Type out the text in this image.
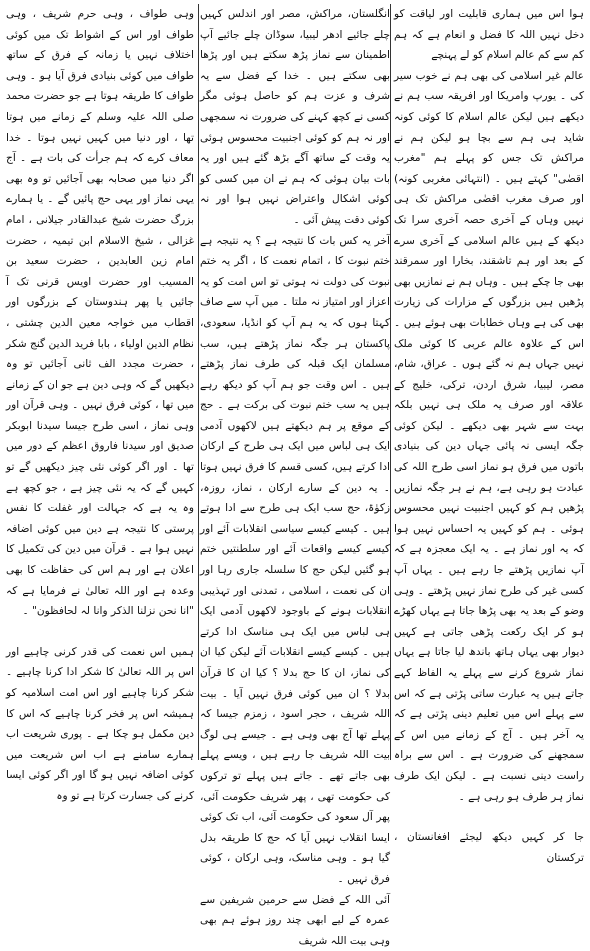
ہوا اس میں ہماری قابلیت اور لیاقت کو دخل نہیں اللہ کا فضل و انعام ہے کہ ہم کم سے کم عالم اسلام کو لے پہنچے

عالم غیر اسلامی کی بھی ہم نے خوب سیر کی ۔ یورپ وامریکا اور افریقہ سب ہم نے دیکھے ہیں لیکن عالم اسلام کا کوئی کونہ شاید ہی ہم سے بچا ہو لیکن ہم نے مراکش تک جس کو پہلے ہم "مغرب اقصٰی" کہتے ہیں ۔ (انتہائی مغربی کونہ) اور صرف مغرب اقصٰی مراکش تک ہی نہیں وہاں کے آخری حصہ آخری سرا تک دیکھ کے ہیں عالم اسلامی کے آخری سرے کے بعد اور ہم تاشقند، بخارا اور سمرقند بھی جا چکے ہیں ۔ وہاں ہم نے نمازیں بھی پڑھیں ہیں بزرگوں کے مزارات کی زیارت بھی کی ہے وہاں خطابات بھی ہوئے ہیں ۔ اس کے علاوہ عالم عربی کا کوئی ملک نہیں جہاں ہم نہ گئے ہوں ۔ عراق، شام، مصر، لیبیا، شرق اردن، ترکی، خلیج کے علاقہ اور صرف یہ ملک ہی نہیں بلکہ بہت سے شہر بھی دیکھے ۔ لیکن کوئی جگہ ایسی نہ پائی جہاں دین کی بنیادی باتوں میں فرق ہو نماز اسی طرح اللہ کی عبادت ہو رہی ہے، ہم نے ہر جگہ نمازیں پڑھیں ہم کو کہیں اجنبیت نہیں محسوس ہوئی ۔ ہم کو کہیں یہ احساس نہیں ہوا کہ یہ اور نماز ہے ۔ یہ ایک معجزہ ہے کہ آپ نمازیں پڑھتے جا رہے ہیں ۔ یہاں آپ کسی غیر کی طرح نماز نہیں پڑھتے ۔ وہی وضو کے بعد یہ بھی پڑھا جاتا ہے یہاں کھڑے ہو کر ایک رکعت پڑھی جاتی ہے کہیں دیوار بھی یہاں ہاتھ باندھ لیا جاتا ہے یہاں نماز شروع کرنے سے پہلے یہ الفاظ کہے جاتے ہیں یہ عبارت ساتی پڑتی ہے کہ اس سے پہلے اس میں تعلیم دینی پڑتی ہے کہ یہ آخر ہیں ۔ آج کے زمانے میں اس کے سمجھنے کی ضرورت ہے ۔ اس سے براہ راست دینی نسبت ہے ۔ لیکن ایک طرف نماز ہر طرف ہو رہی ہے ۔

جا کر کہیں دیکھ لیجئے افغانستان ، ترکستان

انگلستان، مراکش، مصر اور اندلس کہیں چلے جائیے ادھر لیبیا، سوڈان چلے جائیے آپ اطمینان سے نماز پڑھ سکتے ہیں اور پڑھا بھی سکتے ہیں ۔ خدا کے فضل سے یہ شرف و عزت ہم کو حاصل ہوئی مگر کسی نے کچھ کہنے کی ضرورت نہ سمجھی اور نہ ہم کو کوئی اجنبیت محسوس ہوئی یہ وقت کے ساتھ آگے بڑھ گئے ہیں اور یہ بات بیان ہوئی کہ ہم نے ان میں کسی کو کوئی اشکال واعتراض نہیں ہوا اور نہ کوئی دقت پیش آئی ۔

آخر یہ کس بات کا نتیجہ ہے ؟ یہ نتیجہ ہے ختم نبوت کا ، اتمام نعمت کا ، اگر یہ ختم نبوت کی دولت نہ ہوتی تو اس امت کو یہ اعزاز اور امتیاز نہ ملتا ۔ میں آپ سے صاف کہتا ہوں کہ یہ ہم آپ کو انڈیا، سعودی، پاکستان ہر جگہ نماز پڑھتے ہیں، سب مسلمان ایک قبلہ کی طرف نماز پڑھتے ہیں ۔ اس وقت جو ہم آپ کو دیکھ رہے ہیں یہ سب ختم نبوت کی برکت ہے ۔ حج کے موقع پر ہم دیکھتے ہیں لاکھوں آدمی ایک ہی لباس میں ایک ہی طرح کے ارکان ادا کرتے ہیں، کسی قسم کا فرق نہیں ہوتا ۔ یہ دین کے سارے ارکان ، نماز، روزہ، زکوٰۃ، حج سب ایک ہی طرح سے ادا ہوتے ہیں ۔ کیسے کیسے سیاسی انقلابات آئے اور کیسے کیسے واقعات آئے اور سلطنتیں ختم ہو گئیں لیکن حج کا سلسلہ جاری رہا اور ان کی نعمت ، اسلامی ، تمدنی اور تہذیبی انقلابات ہونے کے باوجود لاکھوں آدمی ایک ہی لباس میں ایک ہی مناسک ادا کرتے ہیں ۔ کیسے کیسے انقلابات آئے لیکن کیا ان کی نماز، ان کا حج بدلا ؟ کیا ان کا قرآن بدلا ؟ ان میں کوئی فرق نہیں آیا ۔ بیت اللہ شریف ، حجر اسود ، زمزم جیسا کہ پہلے تھا آج بھی وہی ہے ۔ جیسے ہی لوگ بیت اللہ شریف جا رہے ہیں ، ویسے پہلے بھی جاتے تھے ۔ جاتے ہیں پہلے تو ترکوں کی حکومت تھی ، پھر شریف حکومت آئی، پھر آل سعود کی حکومت آئی، اب تک کوئی ایسا انقلاب نہیں آیا کہ حج کا طریقہ بدل گیا ہو ۔ وہی مناسک، وہی ارکان ، کوئی فرق نہیں ۔

آئی اللہ کے فضل سے حرمین شریفین سے عمرہ کے لیے ابھی چند روز ہوئے ہم بھی وہی بیت اللہ شریف

وہی طواف ، وہی حرم شریف ، وہی طواف اور اس کے اشواط تک میں کوئی اختلاف نہیں یا زمانہ کے فرق کے ساتھ طواف میں کوئی بنیادی فرق آیا ہو ۔ وہی طواف کا طریقہ ہوتا ہے جو حضرت محمد صلی اللہ علیہ وسلم کے زمانے میں ہوتا تھا ، اور دنیا میں کہیں نہیں ہوتا ۔ خدا معاف کرے کہ ہم جرأت کی بات ہے ۔ آج اگر دنیا میں صحابہ بھی آجائیں تو وہ بھی یہی نماز اور یہی حج پائیں گے ۔ یا ہمارے بزرگ حضرت شیخ عبدالقادر جیلانی ، امام غزالی ، شیخ الاسلام ابن تیمیہ ، حضرت امام زین العابدین ، حضرت سعید بن المسیب اور حضرت اویس قرنی تک آ جائیں یا پھر ہندوستان کے بزرگوں اور اقطاب میں خواجہ معین الدین چشتی ، نظام الدین اولیاء ، بابا فرید الدین گنج شکر ، حضرت مجدد الف ثانی آجائیں تو وہ دیکھیں گے کہ وہی دین ہے جو ان کے زمانے میں تھا ، کوئی فرق نہیں ۔ وہی قرآن اور وہی نماز ، اسی طرح جیسا سیدنا ابوبکر صدیق اور سیدنا فاروق اعظم کے دور میں تھا ۔ اور اگر کوئی نئی چیز دیکھیں گے تو کہیں گے کہ یہ نئی چیز ہے ، جو کچھ ہے وہ یہ ہے کہ جہالت اور غفلت کا نفس پرستی کا نتیجہ ہے دین میں کوئی اضافہ نہیں ہوا ہے ۔ قرآن میں دین کی تکمیل کا اعلان ہے اور ہم اس کی حفاظت کا بھی وعدہ ہے اور اللہ تعالیٰ نے فرمایا ہے کہ "انا نحن نزلنا الذکر وانا لہ لحافظون" ۔

ہمیں اس نعمت کی قدر کرنی چاہیے اور اس پر اللہ تعالیٰ کا شکر ادا کرنا چاہیے ۔ شکر کرنا چاہیے اور اس امت اسلامیہ کو ہمیشہ اس پر فخر کرنا چاہیے کہ اس کا دین مکمل ہو چکا ہے ۔ پوری شریعت اب ہمارے سامنے ہے اب اس شریعت میں کوئی اضافہ نہیں ہو گا اور اگر کوئی ایسا کرنے کی جسارت کرتا ہے تو وہ
